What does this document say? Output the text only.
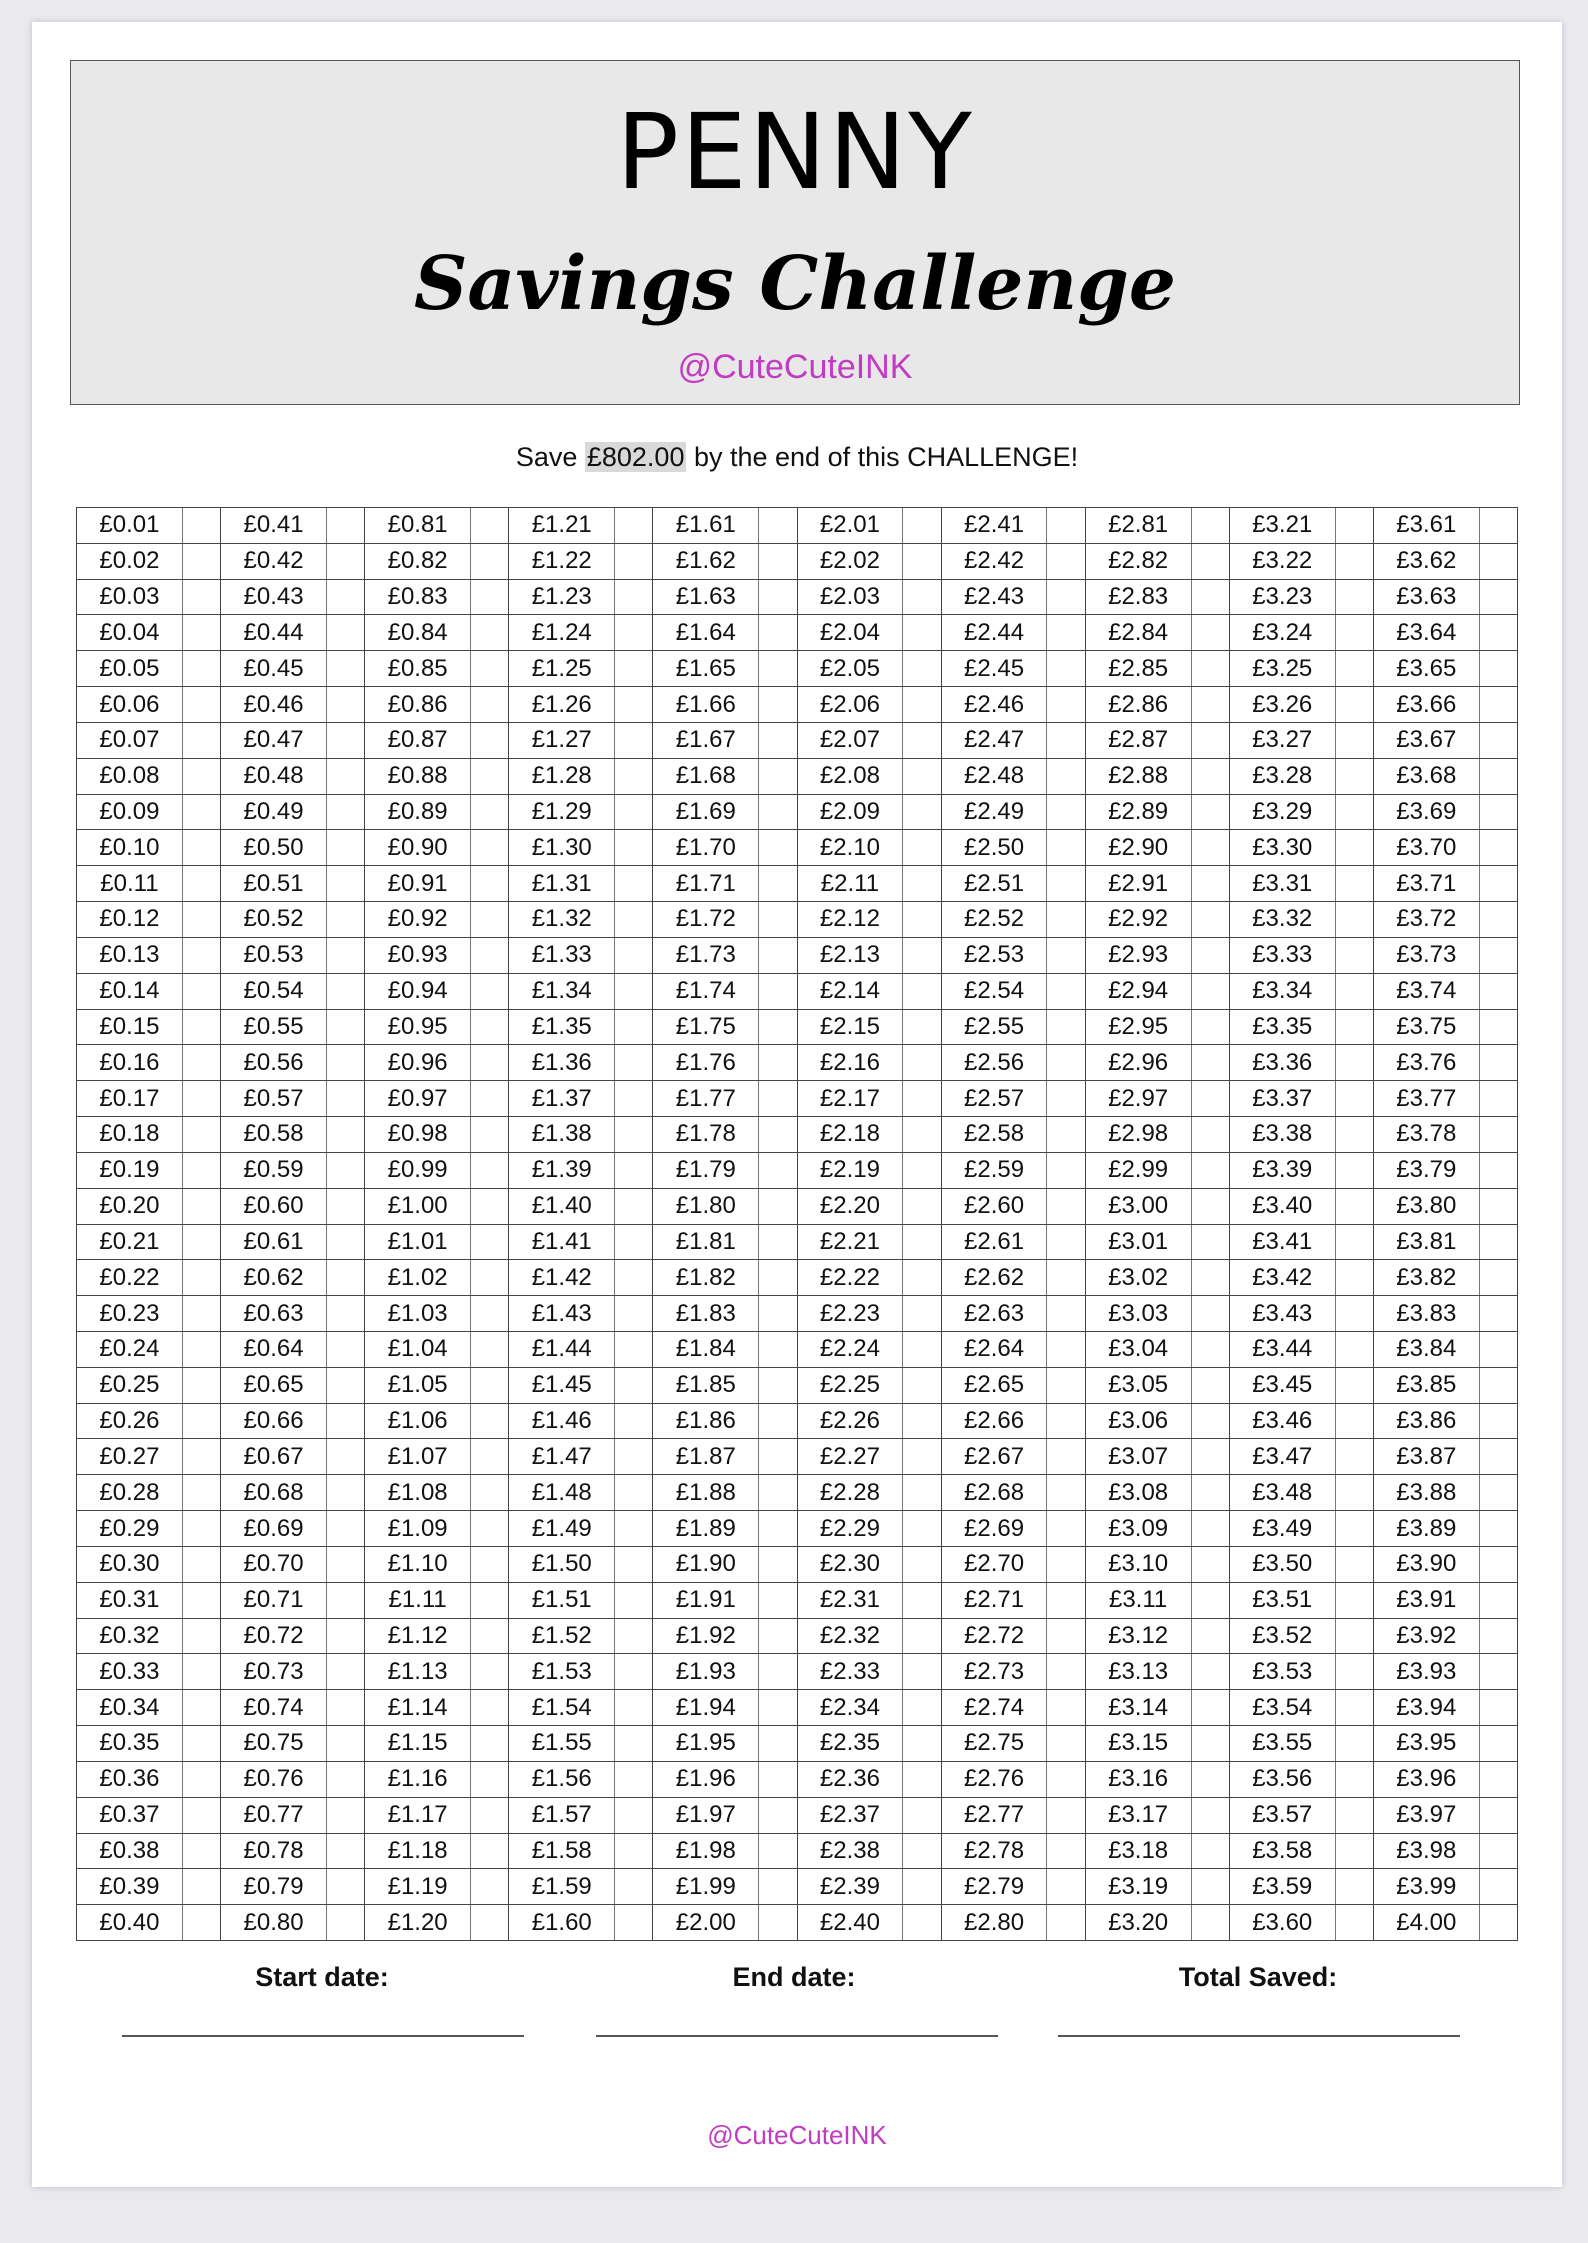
PENNY
Savings Challenge
@CuteCuteINK
Save £802.00 by the end of this CHALLENGE!
£0.01
£0.02
£0.03
£0.04
£0.05
£0.06
£0.07
£0.08
£0.09
£0.10
£0.11
£0.12
£0.13
£0.14
£0.15
£0.16
£0.17
£0.18
£0.19
£0.20
£0.21
£0.22
£0.23
£0.24
£0.25
£0.26
£0.27
£0.28
£0.29
£0.30
£0.31
£0.32
£0.33
£0.34
£0.35
£0.36
£0.37
£0.38
£0.39
£0.40
£0.41
£0.42
£0.43
£0.44
£0.45
£0.46
£0.47
£0.48
£0.49
£0.50
£0.51
£0.52
£0.53
£0.54
£0.55
£0.56
£0.57
£0.58
£0.59
£0.60
£0.61
£0.62
£0.63
£0.64
£0.65
£0.66
£0.67
£0.68
£0.69
£0.70
£0.71
£0.72
£0.73
£0.74
£0.75
£0.76
£0.77
£0.78
£0.79
£0.80
£0.81
£0.82
£0.83
£0.84
£0.85
£0.86
£0.87
£0.88
£0.89
£0.90
£0.91
£0.92
£0.93
£0.94
£0.95
£0.96
£0.97
£0.98
£0.99
£1.00
£1.01
£1.02
£1.03
£1.04
£1.05
£1.06
£1.07
£1.08
£1.09
£1.10
£1.11
£1.12
£1.13
£1.14
£1.15
£1.16
£1.17
£1.18
£1.19
£1.20
£1.21
£1.22
£1.23
£1.24
£1.25
£1.26
£1.27
£1.28
£1.29
£1.30
£1.31
£1.32
£1.33
£1.34
£1.35
£1.36
£1.37
£1.38
£1.39
£1.40
£1.41
£1.42
£1.43
£1.44
£1.45
£1.46
£1.47
£1.48
£1.49
£1.50
£1.51
£1.52
£1.53
£1.54
£1.55
£1.56
£1.57
£1.58
£1.59
£1.60
£1.61
£1.62
£1.63
£1.64
£1.65
£1.66
£1.67
£1.68
£1.69
£1.70
£1.71
£1.72
£1.73
£1.74
£1.75
£1.76
£1.77
£1.78
£1.79
£1.80
£1.81
£1.82
£1.83
£1.84
£1.85
£1.86
£1.87
£1.88
£1.89
£1.90
£1.91
£1.92
£1.93
£1.94
£1.95
£1.96
£1.97
£1.98
£1.99
£2.00
£2.01
£2.02
£2.03
£2.04
£2.05
£2.06
£2.07
£2.08
£2.09
£2.10
£2.11
£2.12
£2.13
£2.14
£2.15
£2.16
£2.17
£2.18
£2.19
£2.20
£2.21
£2.22
£2.23
£2.24
£2.25
£2.26
£2.27
£2.28
£2.29
£2.30
£2.31
£2.32
£2.33
£2.34
£2.35
£2.36
£2.37
£2.38
£2.39
£2.40
£2.41
£2.42
£2.43
£2.44
£2.45
£2.46
£2.47
£2.48
£2.49
£2.50
£2.51
£2.52
£2.53
£2.54
£2.55
£2.56
£2.57
£2.58
£2.59
£2.60
£2.61
£2.62
£2.63
£2.64
£2.65
£2.66
£2.67
£2.68
£2.69
£2.70
£2.71
£2.72
£2.73
£2.74
£2.75
£2.76
£2.77
£2.78
£2.79
£2.80
£2.81
£2.82
£2.83
£2.84
£2.85
£2.86
£2.87
£2.88
£2.89
£2.90
£2.91
£2.92
£2.93
£2.94
£2.95
£2.96
£2.97
£2.98
£2.99
£3.00
£3.01
£3.02
£3.03
£3.04
£3.05
£3.06
£3.07
£3.08
£3.09
£3.10
£3.11
£3.12
£3.13
£3.14
£3.15
£3.16
£3.17
£3.18
£3.19
£3.20
£3.21
£3.22
£3.23
£3.24
£3.25
£3.26
£3.27
£3.28
£3.29
£3.30
£3.31
£3.32
£3.33
£3.34
£3.35
£3.36
£3.37
£3.38
£3.39
£3.40
£3.41
£3.42
£3.43
£3.44
£3.45
£3.46
£3.47
£3.48
£3.49
£3.50
£3.51
£3.52
£3.53
£3.54
£3.55
£3.56
£3.57
£3.58
£3.59
£3.60
£3.61
£3.62
£3.63
£3.64
£3.65
£3.66
£3.67
£3.68
£3.69
£3.70
£3.71
£3.72
£3.73
£3.74
£3.75
£3.76
£3.77
£3.78
£3.79
£3.80
£3.81
£3.82
£3.83
£3.84
£3.85
£3.86
£3.87
£3.88
£3.89
£3.90
£3.91
£3.92
£3.93
£3.94
£3.95
£3.96
£3.97
£3.98
£3.99
£4.00
Start date:	End date:	Total Saved:
@CuteCuteINK
